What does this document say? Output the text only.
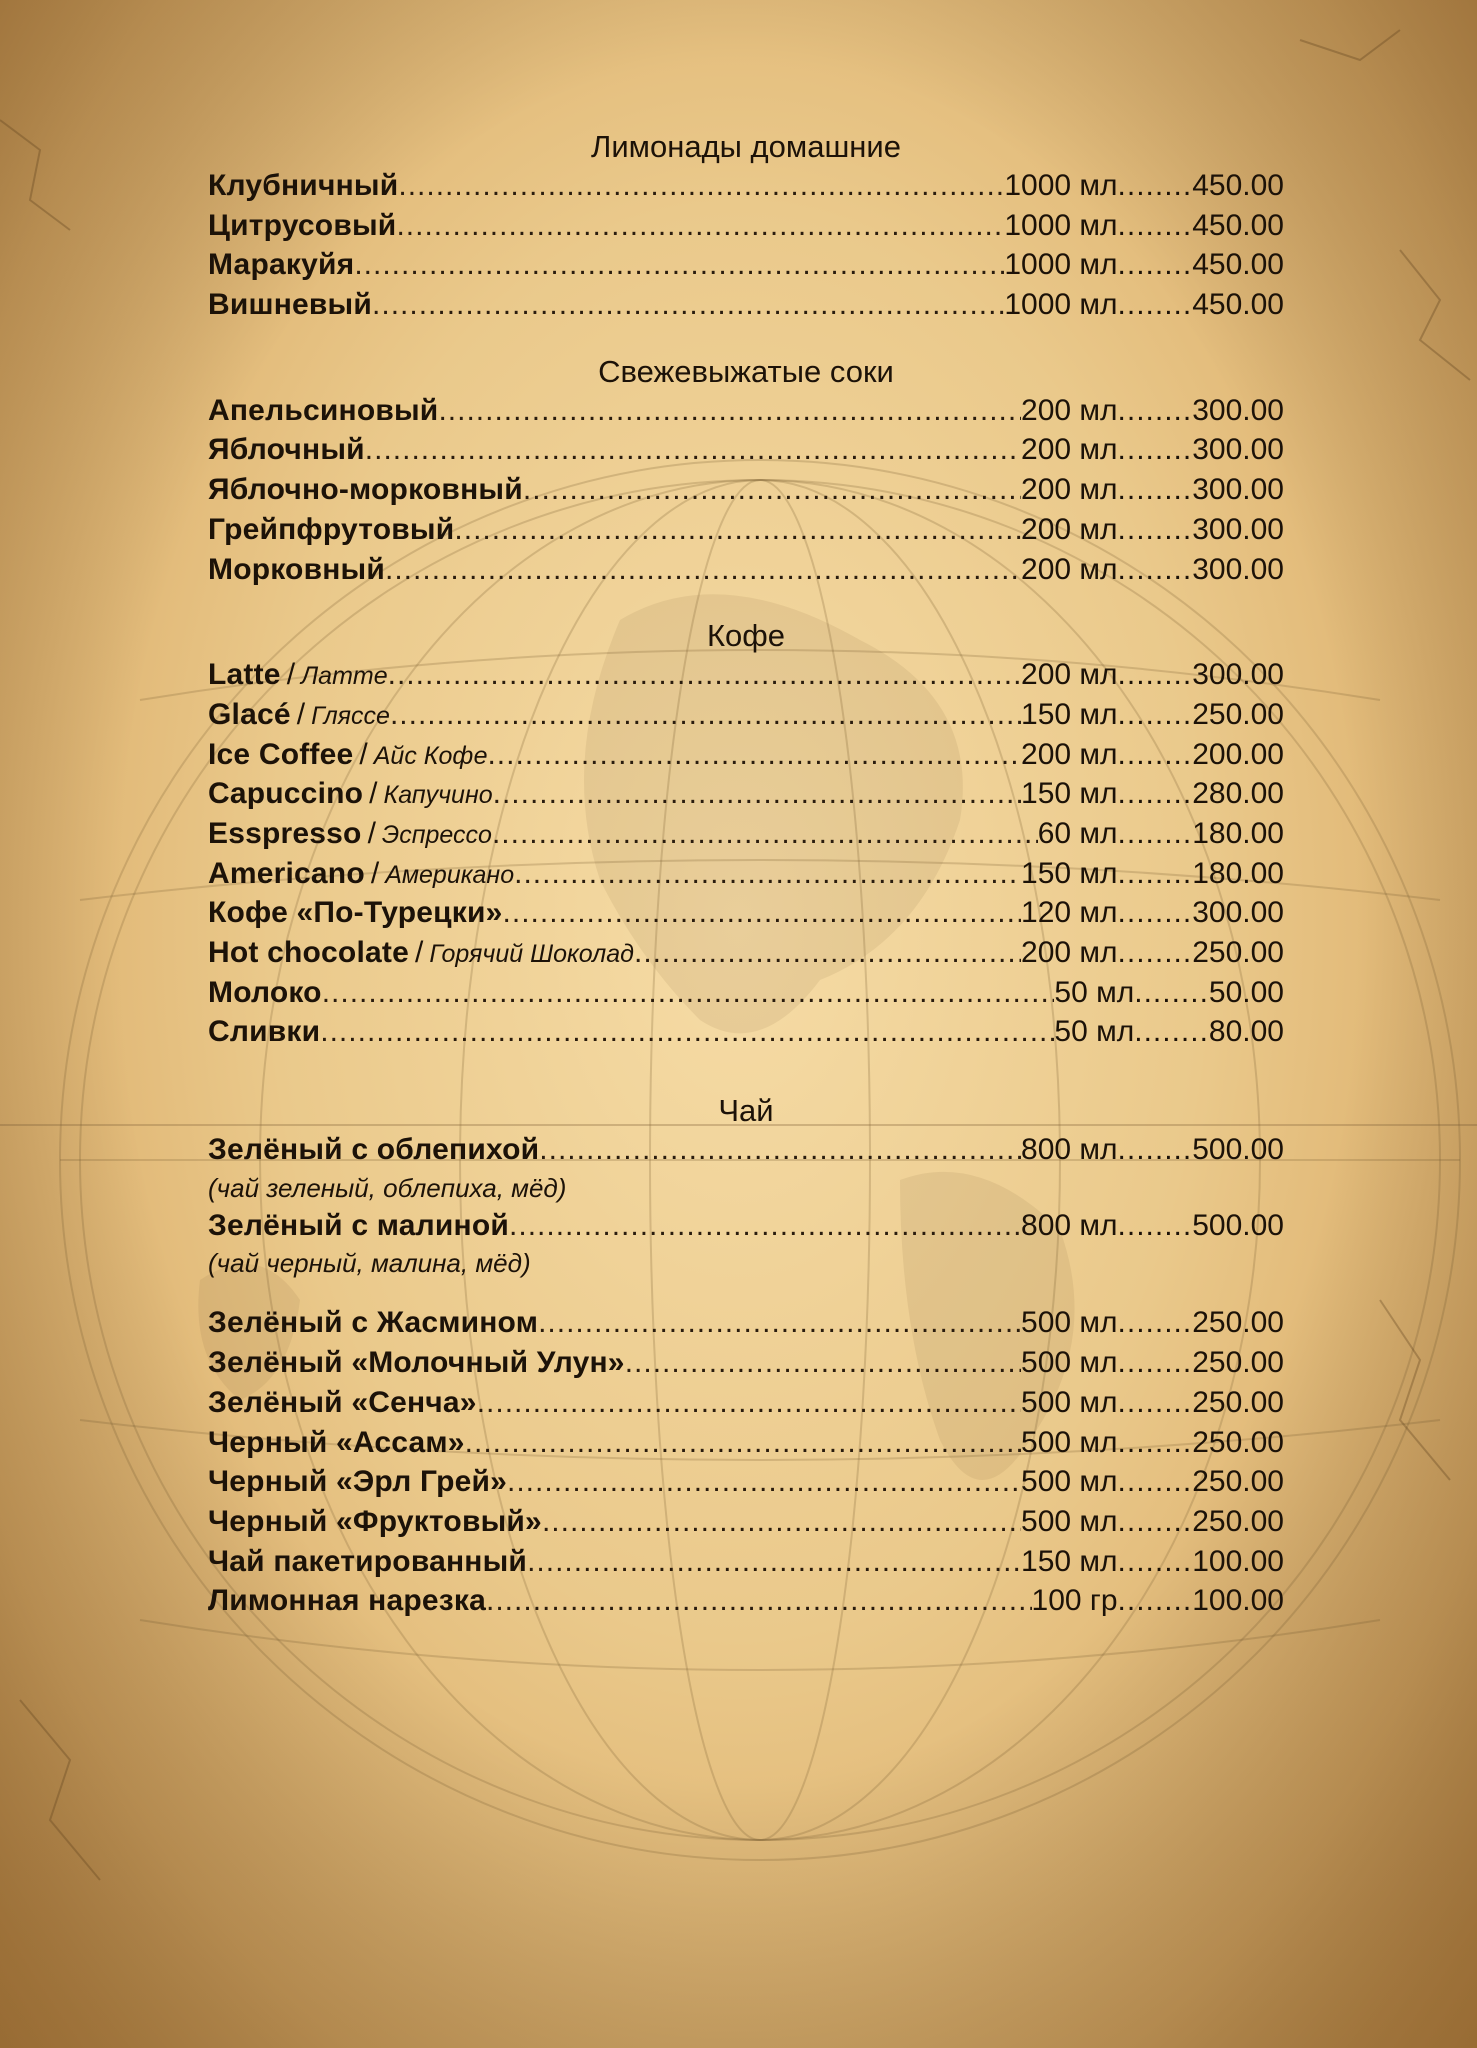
Лимонады домашние
Клубничный .....	1000 мл ........ 450.00
Цитрусовый .....	1000 мл ........ 450.00
Маракуйя .....	1000 мл ........ 450.00
Вишневый .....	1000 мл ........ 450.00
Свежевыжатые соки
Апельсиновый .....	200 мл ........ 300.00
Яблочный .....	200 мл ........ 300.00
Яблочно-морковный .....	200 мл ........ 300.00
Грейпфрутовый .....	200 мл ........ 300.00
Морковный .....	200 мл ........ 300.00
Кофе
Latte / Латте .....	200 мл ........ 300.00
Glacé / Гляссе .....	150 мл ........ 250.00
Ice Coffee / Айс Кофе .....	200 мл ........ 200.00
Capuccino / Капучино .....	150 мл ........ 280.00
Esspresso / Эспрессо .....	60 мл ........ 180.00
Americano / Американо .....	150 мл ........ 180.00
Кофе «По-Турецки» .....	120 мл ........ 300.00
Hot chocolate / Горячий Шоколад .....	200 мл ........ 250.00
Молоко .....	50 мл ........ 50.00
Сливки .....	50 мл ........ 80.00
Чай
Зелёный с облепихой .....	800 мл ........ 500.00
(чай зеленый, облепиха, мёд)
Зелёный с малиной .....	800 мл ........ 500.00
(чай черный, малина, мёд)
Зелёный с Жасмином .....	500 мл ........ 250.00
Зелёный «Молочный Улун» .....	500 мл ........ 250.00
Зелёный «Сенча» .....	500 мл ........ 250.00
Черный «Ассам» .....	500 мл ........ 250.00
Черный «Эрл Грей» .....	500 мл ........ 250.00
Черный «Фруктовый» .....	500 мл ........ 250.00
Чай пакетированный .....	150 мл ........ 100.00
Лимонная нарезка .....	100 гр ........ 100.00
